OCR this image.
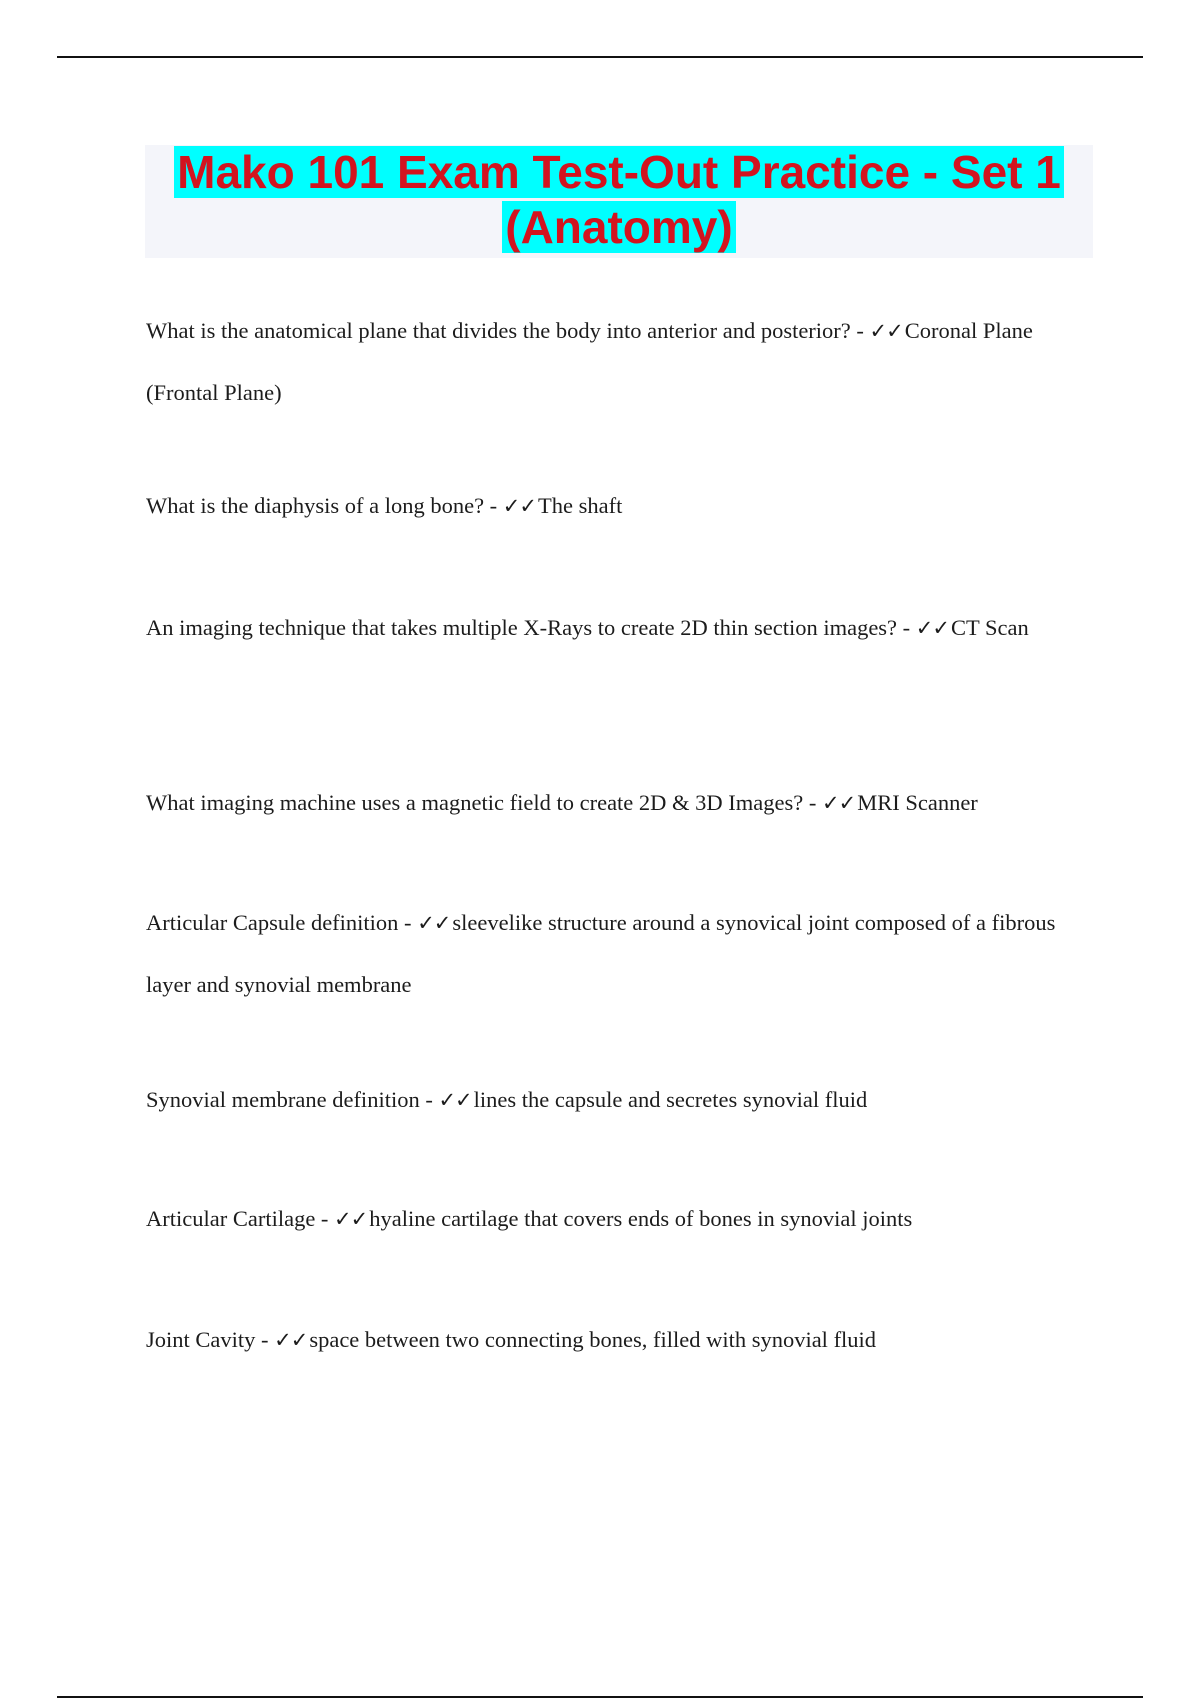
Mako 101 Exam Test-Out Practice - Set 1
(Anatomy)

What is the anatomical plane that divides the body into anterior and posterior? - ✓✓Coronal Plane (Frontal Plane)

What is the diaphysis of a long bone? - ✓✓The shaft

An imaging technique that takes multiple X-Rays to create 2D thin section images? - ✓✓CT Scan

What imaging machine uses a magnetic field to create 2D & 3D Images? - ✓✓MRI Scanner

Articular Capsule definition - ✓✓sleevelike structure around a synovical joint composed of a fibrous layer and synovial membrane

Synovial membrane definition - ✓✓lines the capsule and secretes synovial fluid

Articular Cartilage - ✓✓hyaline cartilage that covers ends of bones in synovial joints

Joint Cavity - ✓✓space between two connecting bones, filled with synovial fluid
